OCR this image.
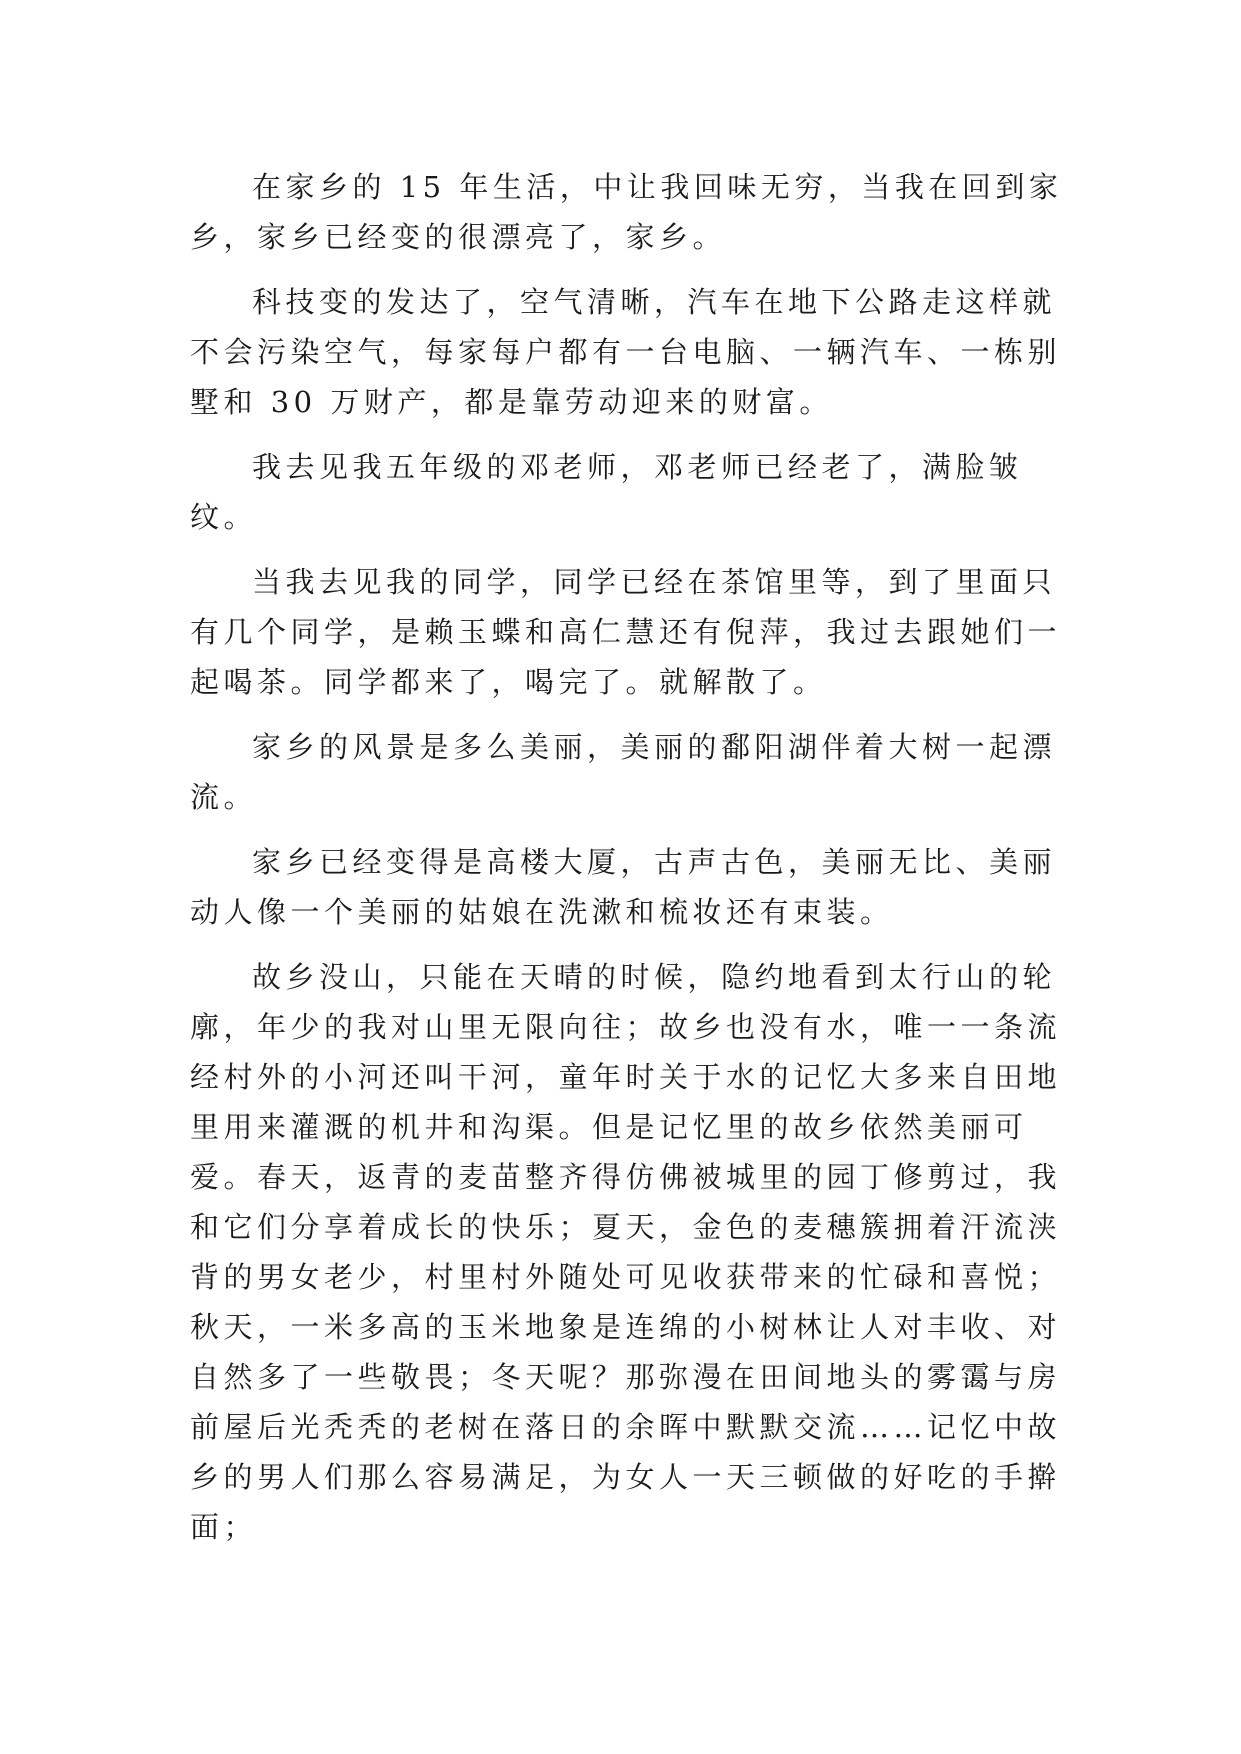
在家乡的 15 年生活，中让我回味无穷，当我在回到家乡，家乡已经变的很漂亮了，家乡。

科技变的发达了，空气清晰，汽车在地下公路走这样就不会污染空气，每家每户都有一台电脑、一辆汽车、一栋别墅和 30 万财产，都是靠劳动迎来的财富。

我去见我五年级的邓老师，邓老师已经老了，满脸皱纹。

当我去见我的同学，同学已经在茶馆里等，到了里面只有几个同学，是赖玉蝶和高仁慧还有倪萍，我过去跟她们一起喝茶。同学都来了，喝完了。就解散了。

家乡的风景是多么美丽，美丽的鄱阳湖伴着大树一起漂流。

家乡已经变得是高楼大厦，古声古色，美丽无比、美丽动人像一个美丽的姑娘在洗漱和梳妆还有束装。

故乡没山，只能在天晴的时候，隐约地看到太行山的轮廓，年少的我对山里无限向往；故乡也没有水，唯一一条流经村外的小河还叫干河，童年时关于水的记忆大多来自田地里用来灌溉的机井和沟渠。但是记忆里的故乡依然美丽可爱。春天，返青的麦苗整齐得仿佛被城里的园丁修剪过，我和它们分享着成长的快乐；夏天，金色的麦穗簇拥着汗流浃背的男女老少，村里村外随处可见收获带来的忙碌和喜悦；秋天，一米多高的玉米地象是连绵的小树林让人对丰收、对自然多了一些敬畏；冬天呢？那弥漫在田间地头的雾霭与房前屋后光秃秃的老树在落日的余晖中默默交流……记忆中故乡的男人们那么容易满足，为女人一天三顿做的好吃的手擀面；
